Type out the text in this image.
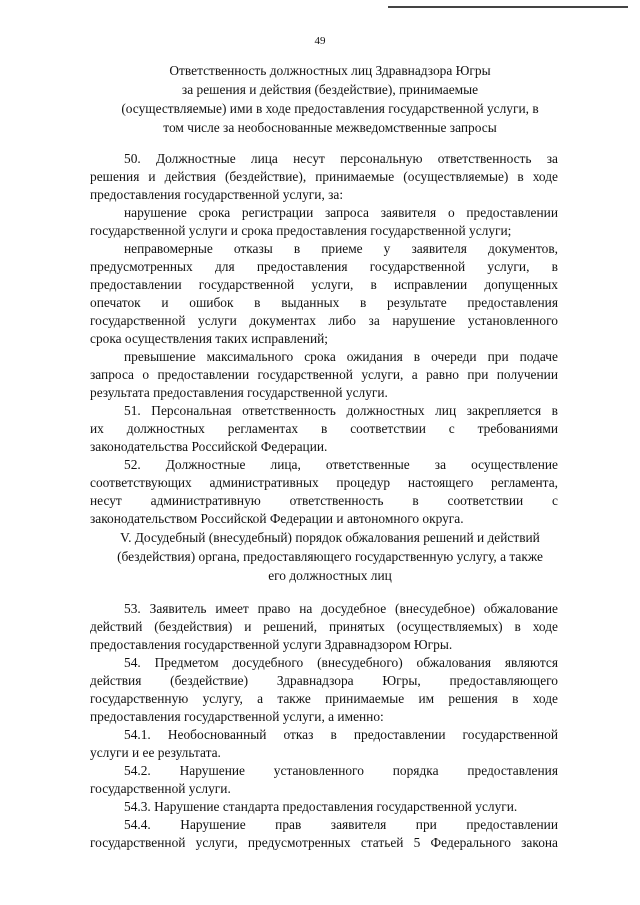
49
Ответственность должностных лиц Здравнадзора Югры
за решения и действия (бездействие), принимаемые
(осуществляемые) ими в ходе предоставления государственной услуги, в
том числе за необоснованные межведомственные запросы
50. Должностные лица несут персональную ответственность за
решения и действия (бездействие), принимаемые (осуществляемые) в ходе
предоставления государственной услуги, за:
нарушение срока регистрации запроса заявителя о предоставлении
государственной услуги и срока предоставления государственной услуги;
неправомерные отказы в приеме у заявителя документов,
предусмотренных для предоставления государственной услуги, в
предоставлении государственной услуги, в исправлении допущенных
опечаток и ошибок в выданных в результате предоставления
государственной услуги документах либо за нарушение установленного
срока осуществления таких исправлений;
превышение максимального срока ожидания в очереди при подаче
запроса о предоставлении государственной услуги, а равно при получении
результата предоставления государственной услуги.
51. Персональная ответственность должностных лиц закрепляется в
их должностных регламентах в соответствии с требованиями
законодательства Российской Федерации.
52. Должностные лица, ответственные за осуществление
соответствующих административных процедур настоящего регламента,
несут административную ответственность в соответствии с
законодательством Российской Федерации и автономного округа.
V. Досудебный (внесудебный) порядок обжалования решений и действий
(бездействия) органа, предоставляющего государственную услугу, а также
его должностных лиц
53. Заявитель имеет право на досудебное (внесудебное) обжалование
действий (бездействия) и решений, принятых (осуществляемых) в ходе
предоставления государственной услуги Здравнадзором Югры.
54. Предметом досудебного (внесудебного) обжалования являются
действия (бездействие) Здравнадзора Югры, предоставляющего
государственную услугу, а также принимаемые им решения в ходе
предоставления государственной услуги, а именно:
54.1. Необоснованный отказ в предоставлении государственной
услуги и ее результата.
54.2. Нарушение установленного порядка предоставления
государственной услуги.
54.3. Нарушение стандарта предоставления государственной услуги.
54.4. Нарушение прав заявителя при предоставлении
государственной услуги, предусмотренных статьей 5 Федерального закона
